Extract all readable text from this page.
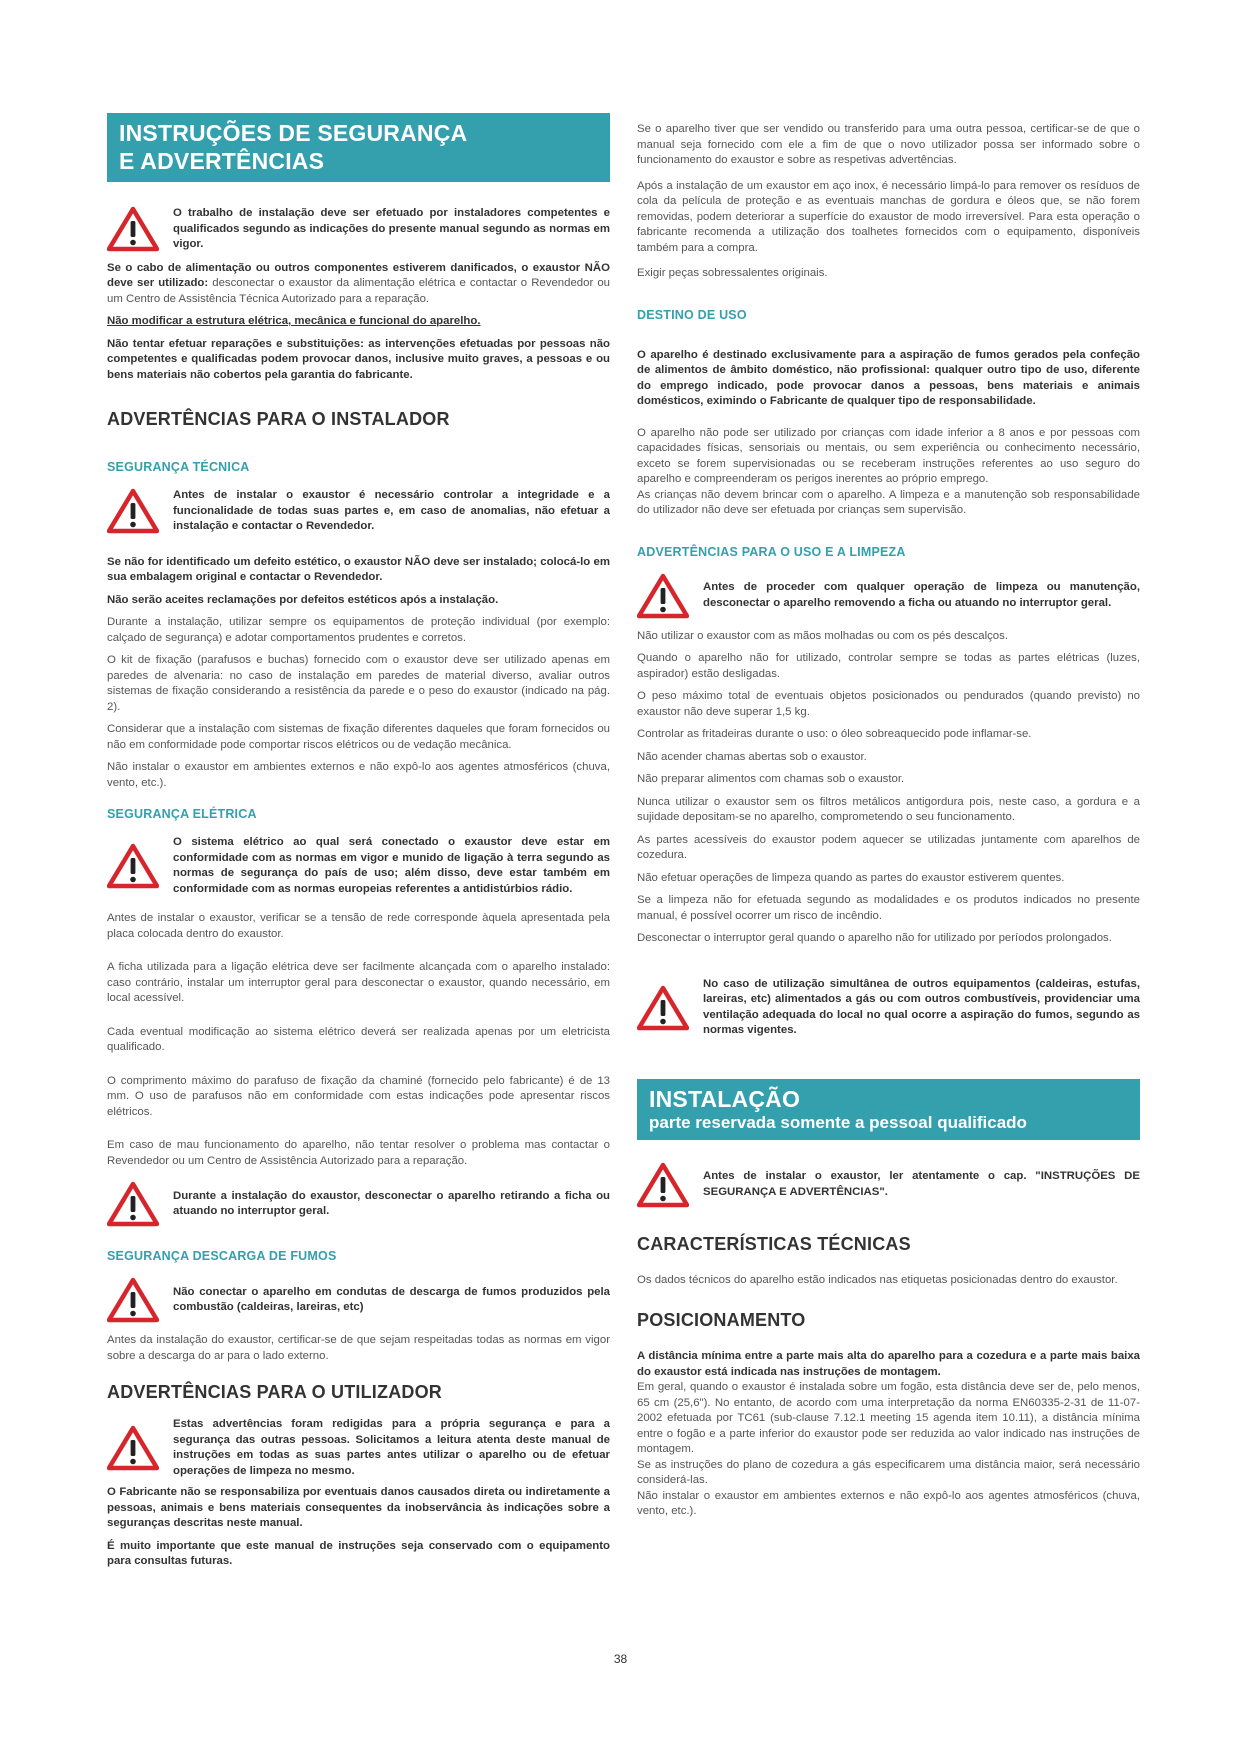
INSTRUÇÕES DE SEGURANÇA
E ADVERTÊNCIAS
O trabalho de instalação deve ser efetuado por instaladores competentes e qualificados segundo as indicações do presente manual segundo as normas em vigor.

Se o cabo de alimentação ou outros componentes estiverem danificados, o exaustor NÃO deve ser utilizado: desconectar o exaustor da alimentação elétrica e contactar o Revendedor ou um Centro de Assistência Técnica Autorizado para a reparação.

Não modificar a estrutura elétrica, mecânica e funcional do aparelho.

Não tentar efetuar reparações e substituições: as intervenções efetuadas por pessoas não competentes e qualificadas podem provocar danos, inclusive muito graves, a pessoas e ou bens materiais não cobertos pela garantia do fabricante.

ADVERTÊNCIAS PARA O INSTALADOR
SEGURANÇA TÉCNICA
Antes de instalar o exaustor é necessário controlar a integridade e a funcionalidade de todas suas partes e, em caso de anomalias, não efetuar a instalação e contactar o Revendedor.

Se não for identificado um defeito estético, o exaustor NÃO deve ser instalado; colocá-lo em sua embalagem original e contactar o Revendedor.

Não serão aceites reclamações por defeitos estéticos após a instalação.

Durante a instalação, utilizar sempre os equipamentos de proteção individual (por exemplo: calçado de segurança) e adotar comportamentos prudentes e corretos.

O kit de fixação (parafusos e buchas) fornecido com o exaustor deve ser utilizado apenas em paredes de alvenaria: no caso de instalação em paredes de material diverso, avaliar outros sistemas de fixação considerando a resistência da parede e o peso do exaustor (indicado na pág. 2).

Considerar que a instalação com sistemas de fixação diferentes daqueles que foram fornecidos ou não em conformidade pode comportar riscos elétricos ou de vedação mecânica.

Não instalar o exaustor em ambientes externos e não expô-lo aos agentes atmosféricos (chuva, vento, etc.).

SEGURANÇA ELÉTRICA
O sistema elétrico ao qual será conectado o exaustor deve estar em conformidade com as normas em vigor e munido de ligação à terra segundo as normas de segurança do país de uso; além disso, deve estar também em conformidade com as normas europeias referentes a antidistúrbios rádio.

Antes de instalar o exaustor, verificar se a tensão de rede corresponde àquela apresentada pela placa colocada dentro do exaustor.

A ficha utilizada para a ligação elétrica deve ser facilmente alcançada com o aparelho instalado: caso contrário, instalar um interruptor geral para desconectar o exaustor, quando necessário, em local acessível.

Cada eventual modificação ao sistema elétrico deverá ser realizada apenas por um eletricista qualificado.

O comprimento máximo do parafuso de fixação da chaminé (fornecido pelo fabricante) é de 13 mm. O uso de parafusos não em conformidade com estas indicações pode apresentar riscos elétricos.

Em caso de mau funcionamento do aparelho, não tentar resolver o problema mas contactar o Revendedor ou um Centro de Assistência Autorizado para a reparação.

Durante a instalação do exaustor, desconectar o aparelho retirando a ficha ou atuando no interruptor geral.
SEGURANÇA DESCARGA DE FUMOS
Não conectar o aparelho em condutas de descarga de fumos produzidos pela combustão (caldeiras, lareiras, etc)

Antes da instalação do exaustor, certificar-se de que sejam respeitadas todas as normas em vigor sobre a descarga do ar para o lado externo.

ADVERTÊNCIAS PARA O UTILIZADOR
Estas advertências foram redigidas para a própria segurança e para a segurança das outras pessoas. Solicitamos a leitura atenta deste manual de instruções em todas as suas partes antes utilizar o aparelho ou de efetuar operações de limpeza no mesmo.

O Fabricante não se responsabiliza por eventuais danos causados direta ou indiretamente a pessoas, animais e bens materiais consequentes da inobservância às indicações sobre a seguranças descritas neste manual.

É muito importante que este manual de instruções seja conservado com o equipamento para consultas futuras.

Se o aparelho tiver que ser vendido ou transferido para uma outra pessoa, certificar-se de que o manual seja fornecido com ele a fim de que o novo utilizador possa ser informado sobre o funcionamento do exaustor e sobre as respetivas advertências.

Após a instalação de um exaustor em aço inox, é necessário limpá-lo para remover os resíduos de cola da película de proteção e as eventuais manchas de gordura e óleos que, se não forem removidas, podem deteriorar a superfície do exaustor de modo irreversível. Para esta operação o fabricante recomenda a utilização dos toalhetes fornecidos com o equipamento, disponíveis também para a compra.

Exigir peças sobressalentes originais.

DESTINO DE USO

O aparelho é destinado exclusivamente para a aspiração de fumos gerados pela confeção de alimentos de âmbito doméstico, não profissional: qualquer outro tipo de uso, diferente do emprego indicado, pode provocar danos a pessoas, bens materiais e animais domésticos, eximindo o Fabricante de qualquer tipo de responsabilidade.

O aparelho não pode ser utilizado por crianças com idade inferior a 8 anos e por pessoas com capacidades físicas, sensoriais ou mentais, ou sem experiência ou conhecimento necessário, exceto se forem supervisionadas ou se receberam instruções referentes ao uso seguro do aparelho e compreenderam os perigos inerentes ao próprio emprego.

As crianças não devem brincar com o aparelho. A limpeza e a manutenção sob responsabilidade do utilizador não deve ser efetuada por crianças sem supervisão.

ADVERTÊNCIAS PARA O USO E A LIMPEZA
Antes de proceder com qualquer operação de limpeza ou manutenção, desconectar o aparelho removendo a ficha ou atuando no interruptor geral.

Não utilizar o exaustor com as mãos molhadas ou com os pés descalços.

Quando o aparelho não for utilizado, controlar sempre se todas as partes elétricas (luzes, aspirador) estão desligadas.

O peso máximo total de eventuais objetos posicionados ou pendurados (quando previsto) no exaustor não deve superar 1,5 kg.

Controlar as fritadeiras durante o uso: o óleo sobreaquecido pode inflamar-se.

Não acender chamas abertas sob o exaustor.

Não preparar alimentos com chamas sob o exaustor.

Nunca utilizar o exaustor sem os filtros metálicos antigordura pois, neste caso, a gordura e a sujidade depositam-se no aparelho, comprometendo o seu funcionamento.

As partes acessíveis do exaustor podem aquecer se utilizadas juntamente com aparelhos de cozedura.

Não efetuar operações de limpeza quando as partes do exaustor estiverem quentes.

Se a limpeza não for efetuada segundo as modalidades e os produtos indicados no presente manual, é possível ocorrer um risco de incêndio.

Desconectar o interruptor geral quando o aparelho não for utilizado por períodos prolongados.

No caso de utilização simultânea de outros equipamentos (caldeiras, estufas, lareiras, etc) alimentados a gás ou com outros combustíveis, providenciar uma ventilação adequada do local no qual ocorre a aspiração do fumos, segundo as normas vigentes.
INSTALAÇÃO
parte reservada somente a pessoal qualificado
Antes de instalar o exaustor, ler atentamente o cap. "INSTRUÇÕES DE SEGURANÇA E ADVERTÊNCIAS".
CARACTERÍSTICAS TÉCNICAS

Os dados técnicos do aparelho estão indicados nas etiquetas posicionadas dentro do exaustor.

POSICIONAMENTO

A distância mínima entre a parte mais alta do aparelho para a cozedura e a parte mais baixa do exaustor está indicada nas instruções de montagem.

Em geral, quando o exaustor é instalada sobre um fogão, esta distância deve ser de, pelo menos, 65 cm (25,6"). No entanto, de acordo com uma interpretação da norma EN60335-2-31 de 11-07-2002 efetuada por TC61 (sub-clause 7.12.1 meeting 15 agenda item 10.11), a distância mínima entre o fogão e a parte inferior do exaustor pode ser reduzida ao valor indicado nas instruções de montagem.

Se as instruções do plano de cozedura a gás especificarem uma distância maior, será necessário considerá-las.

Não instalar o exaustor em ambientes externos e não expô-lo aos agentes atmosféricos (chuva, vento, etc.).

38
